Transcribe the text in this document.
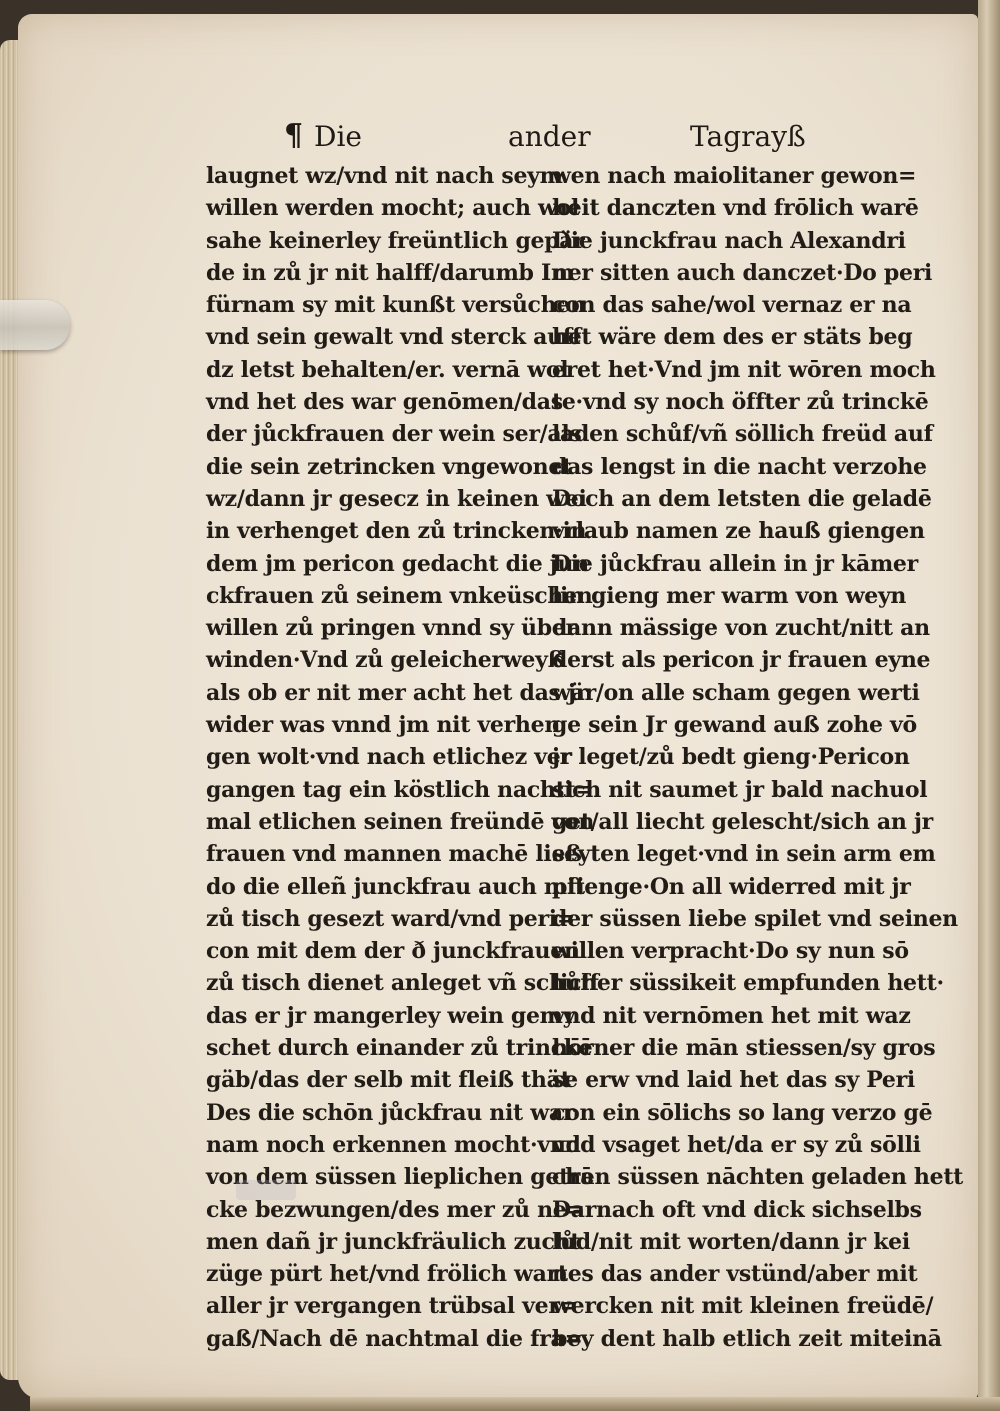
¶ Die	ander	Tagrayß
laugnet wz/vnd nit nach seym
willen werden mocht; auch wol
sahe keinerley freüntlich gepär
de in zů jr nit halff/darumb Im
fürnam sy mit kunßt versůchen
vnd sein gewalt vnd sterck auff
dz letst behalten/er. vernā wol
vnd het des war genōmen/das
der jůckfrauen der wein ser/als
die sein zetrincken vngewonet
wz/dann jr gesecz in keinen wei
in verhenget den zů trincken·in
dem jm pericon gedacht die jun
ckfrauen zů seinem vnkeüschen
willen zů pringen vnnd sy über
winden·Vnd zů geleicherweyß
als ob er nit mer acht het das jr
wider was vnnd jm nit verhen
gen wolt·vnd nach etlichez ver
gangen tag ein köstlich nachtt=
mal etlichen seinen freündē von
frauen vnd mannen machē ließ
do die elleñ junckfrau auch mit
zů tisch gesezt ward/vnd peri=
con mit dem der ð junckfrauen
zů tisch dienet anleget vñ schůff
das er jr mangerley wein gemy
schet durch einander zů trinckē
gäb/das der selb mit fleiß thät·
Des die schōn jůckfrau nit war
nam noch erkennen mocht·vnd
von dem süssen lieplichen getrā
cke bezwungen/des mer zů ne=
men dañ jr junckfräulich zucht
züge pürt het/vnd frölich wart
aller jr vergangen trübsal ver=
gaß/Nach dē nachtmal die fra=
wen nach maiolitaner gewon=
heit danczten vnd frōlich warē
Die junckfrau nach Alexandri
ner sitten auch danczet·Do peri
con das sahe/wol vernaz er na
het wäre dem des er stäts beg
eret het·Vnd jm nit wōren moch
te·vnd sy noch öffter zů trinckē
laden schůf/vñ söllich freüd auf
das lengst in die nacht verzohe
Doch an dem letsten die geladē
vrlaub namen ze hauß giengen
Die jůckfrau allein in jr kāmer
lin gieng mer warm von weyn
dann mässige von zucht/nitt an
derst als pericon jr frauen eyne
wär/on alle scham gegen werti
ge sein Jr gewand auß zohe vō
jr leget/zů bedt gieng·Pericon
sich nit saumet jr bald nachuol
get/all liecht gelescht/sich an jr
seyten leget·vnd in sein arm em
pfienge·On all widerred mit jr
der süssen liebe spilet vnd seinen
willen verpracht·Do sy nun sō
licher süssikeit empfunden hett·
vnd nit vernōmen het mit waz
hōrner die mān stiessen/sy gros
se erw vnd laid het das sy Peri
con ein sōlichs so lang verzo gē
vnd vsaget het/da er sy zů sōlli
chen süssen nāchten geladen hett
Darnach oft vnd dick sichselbs
lůd/nit mit worten/dann jr kei
nes das ander vstünd/aber mit
wercken nit mit kleinen freüdē/
bey dent halb etlich zeit miteinā
